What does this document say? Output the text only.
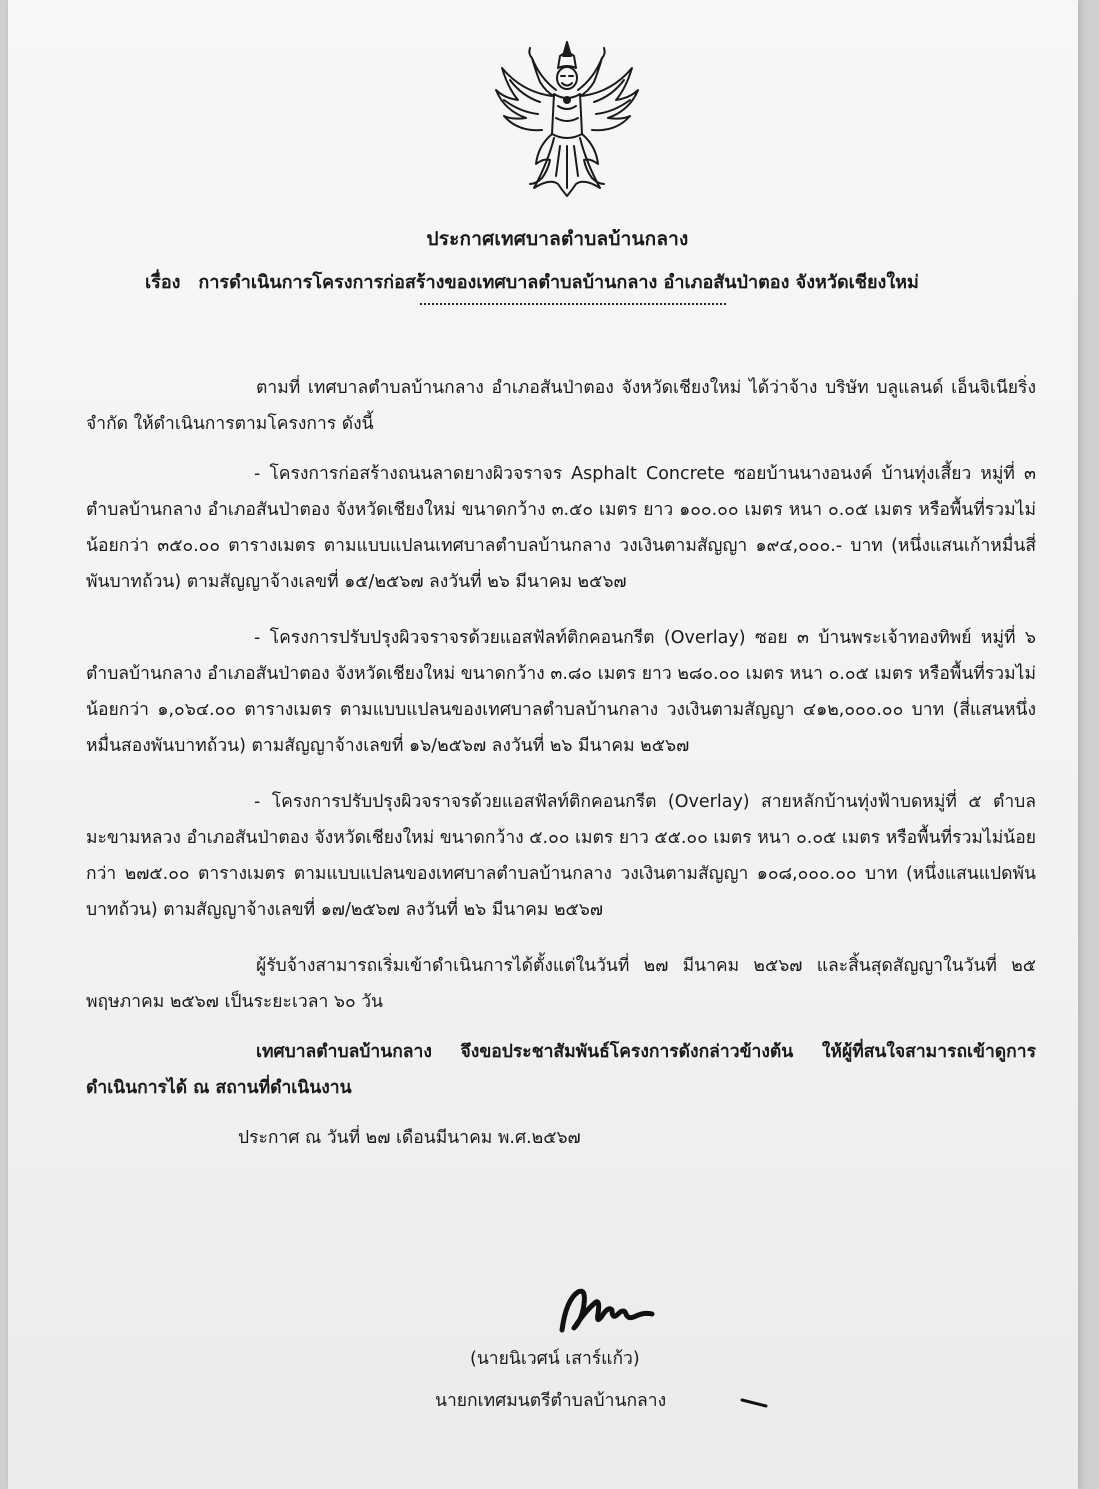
ประกาศเทศบาลตำบลบ้านกลาง
เรื่อง การดำเนินการโครงการก่อสร้างของเทศบาลตำบลบ้านกลาง อำเภอสันป่าตอง จังหวัดเชียงใหม่

ตามที่ เทศบาลตำบลบ้านกลาง อำเภอสันป่าตอง จังหวัดเชียงใหม่ ได้ว่าจ้าง บริษัท บลูแลนด์ เอ็นจิเนียริ่ง จำกัด ให้ดำเนินการตามโครงการ ดังนี้

- โครงการก่อสร้างถนนลาดยางผิวจราจร Asphalt Concrete ซอยบ้านนางอนงค์ บ้านทุ่งเสี้ยว หมู่ที่ ๓ ตำบลบ้านกลาง อำเภอสันป่าตอง จังหวัดเชียงใหม่ ขนาดกว้าง ๓.๕๐ เมตร ยาว ๑๐๐.๐๐ เมตร หนา ๐.๐๕ เมตร หรือพื้นที่รวมไม่น้อยกว่า ๓๕๐.๐๐ ตารางเมตร ตามแบบแปลนเทศบาลตำบลบ้านกลาง วงเงินตามสัญญา ๑๙๔,๐๐๐.- บาท (หนึ่งแสนเก้าหมื่นสี่พันบาทถ้วน) ตามสัญญาจ้างเลขที่ ๑๕/๒๕๖๗ ลงวันที่ ๒๖ มีนาคม ๒๕๖๗

- โครงการปรับปรุงผิวจราจรด้วยแอสฟัลท์ติกคอนกรีต (Overlay) ซอย ๓ บ้านพระเจ้าทองทิพย์ หมู่ที่ ๖ ตำบลบ้านกลาง อำเภอสันป่าตอง จังหวัดเชียงใหม่ ขนาดกว้าง ๓.๘๐ เมตร ยาว ๒๘๐.๐๐ เมตร หนา ๐.๐๕ เมตร หรือพื้นที่รวมไม่น้อยกว่า ๑,๐๖๔.๐๐ ตารางเมตร ตามแบบแปลนของเทศบาลตำบลบ้านกลาง วงเงินตามสัญญา ๔๑๒,๐๐๐.๐๐ บาท (สี่แสนหนึ่งหมื่นสองพันบาทถ้วน) ตามสัญญาจ้างเลขที่ ๑๖/๒๕๖๗ ลงวันที่ ๒๖ มีนาคม ๒๕๖๗

- โครงการปรับปรุงผิวจราจรด้วยแอสฟัลท์ติกคอนกรีต (Overlay) สายหลักบ้านทุ่งฟ้าบดหมู่ที่ ๕ ตำบลมะขามหลวง อำเภอสันป่าตอง จังหวัดเชียงใหม่ ขนาดกว้าง ๕.๐๐ เมตร ยาว ๕๕.๐๐ เมตร หนา ๐.๐๕ เมตร หรือพื้นที่รวมไม่น้อยกว่า ๒๗๕.๐๐ ตารางเมตร ตามแบบแปลนของเทศบาลตำบลบ้านกลาง วงเงินตามสัญญา ๑๐๘,๐๐๐.๐๐ บาท (หนึ่งแสนแปดพันบาทถ้วน) ตามสัญญาจ้างเลขที่ ๑๗/๒๕๖๗ ลงวันที่ ๒๖ มีนาคม ๒๕๖๗

ผู้รับจ้างสามารถเริ่มเข้าดำเนินการได้ตั้งแต่ในวันที่ ๒๗ มีนาคม ๒๕๖๗ และสิ้นสุดสัญญาในวันที่ ๒๕ พฤษภาคม ๒๕๖๗ เป็นระยะเวลา ๖๐ วัน

เทศบาลตำบลบ้านกลาง จึงขอประชาสัมพันธ์โครงการดังกล่าวข้างต้น ให้ผู้ที่สนใจสามารถเข้าดูการดำเนินการได้ ณ สถานที่ดำเนินงาน

ประกาศ ณ วันที่ ๒๗ เดือนมีนาคม พ.ศ.๒๕๖๗

(นายนิเวศน์ เสาร์แก้ว)
นายกเทศมนตรีตำบลบ้านกลาง
